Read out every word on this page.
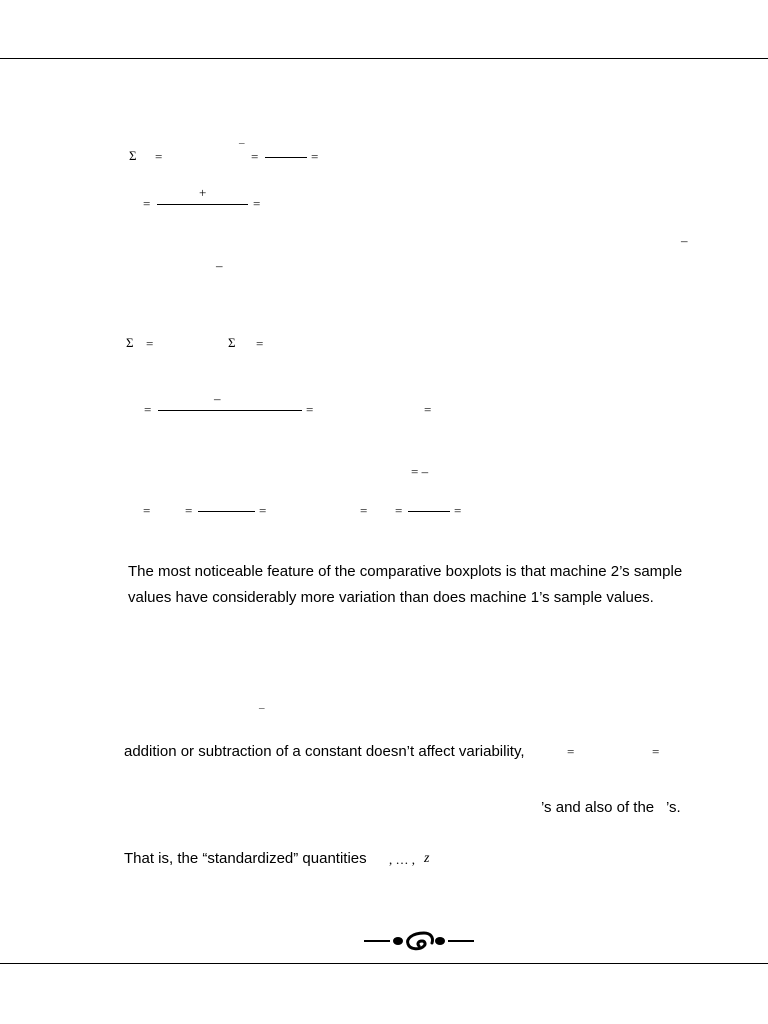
Σ =
¯
=	=
+
=	=
–
–
Σ =	Σ =
–
=	=	=
= –
=	=	=	= =	=
The most noticeable feature of the comparative boxplots is that machine 2’s sample
values have considerably more variation than does machine 1’s sample values.
¯
addition or subtraction of a constant doesn’t affect variability,	=	=
’s and also of the ’s.
That is, the “standardized” quantities , … , z
